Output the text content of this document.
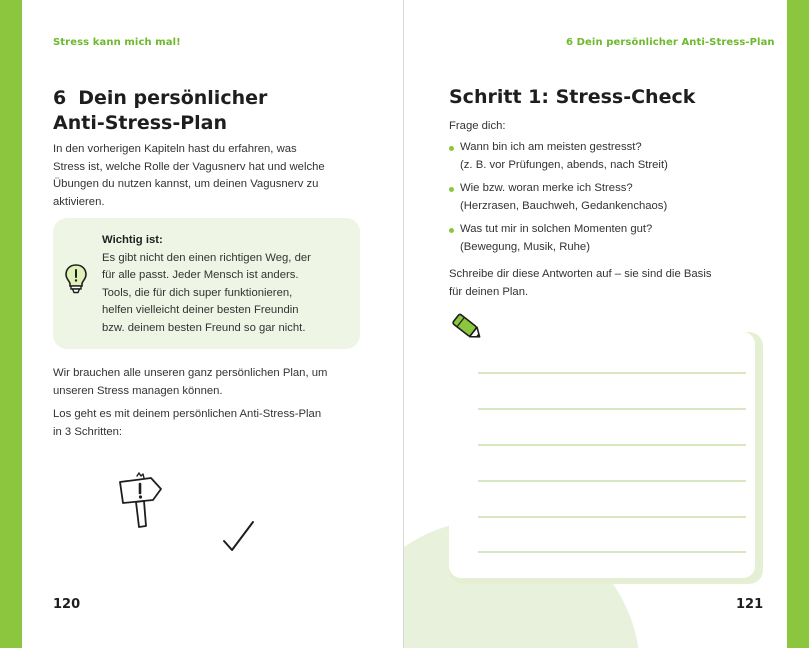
Stress kann mich mal!
6 Dein persönlicher
Anti-Stress-Plan
In den vorherigen Kapiteln hast du erfahren, was
Stress ist, welche Rolle der Vagusnerv hat und welche
Übungen du nutzen kannst, um deinen Vagusnerv zu
aktivieren.
Wichtig ist:
Es gibt nicht den einen richtigen Weg, der
für alle passt. Jeder Mensch ist anders.
Tools, die für dich super funktionieren,
helfen vielleicht deiner besten Freundin
bzw. deinem besten Freund so gar nicht.
Wir brauchen alle unseren ganz persönlichen Plan, um
unseren Stress managen können.
Los geht es mit deinem persönlichen Anti-Stress-Plan
in 3 Schritten:
120
6 Dein persönlicher Anti-Stress-Plan
Schritt 1: Stress-Check
Frage dich:
Wann bin ich am meisten gestresst?
(z. B. vor Prüfungen, abends, nach Streit)
Wie bzw. woran merke ich Stress?
(Herzrasen, Bauchweh, Gedankenchaos)
Was tut mir in solchen Momenten gut?
(Bewegung, Musik, Ruhe)
Schreibe dir diese Antworten auf – sie sind die Basis
für deinen Plan.
121
